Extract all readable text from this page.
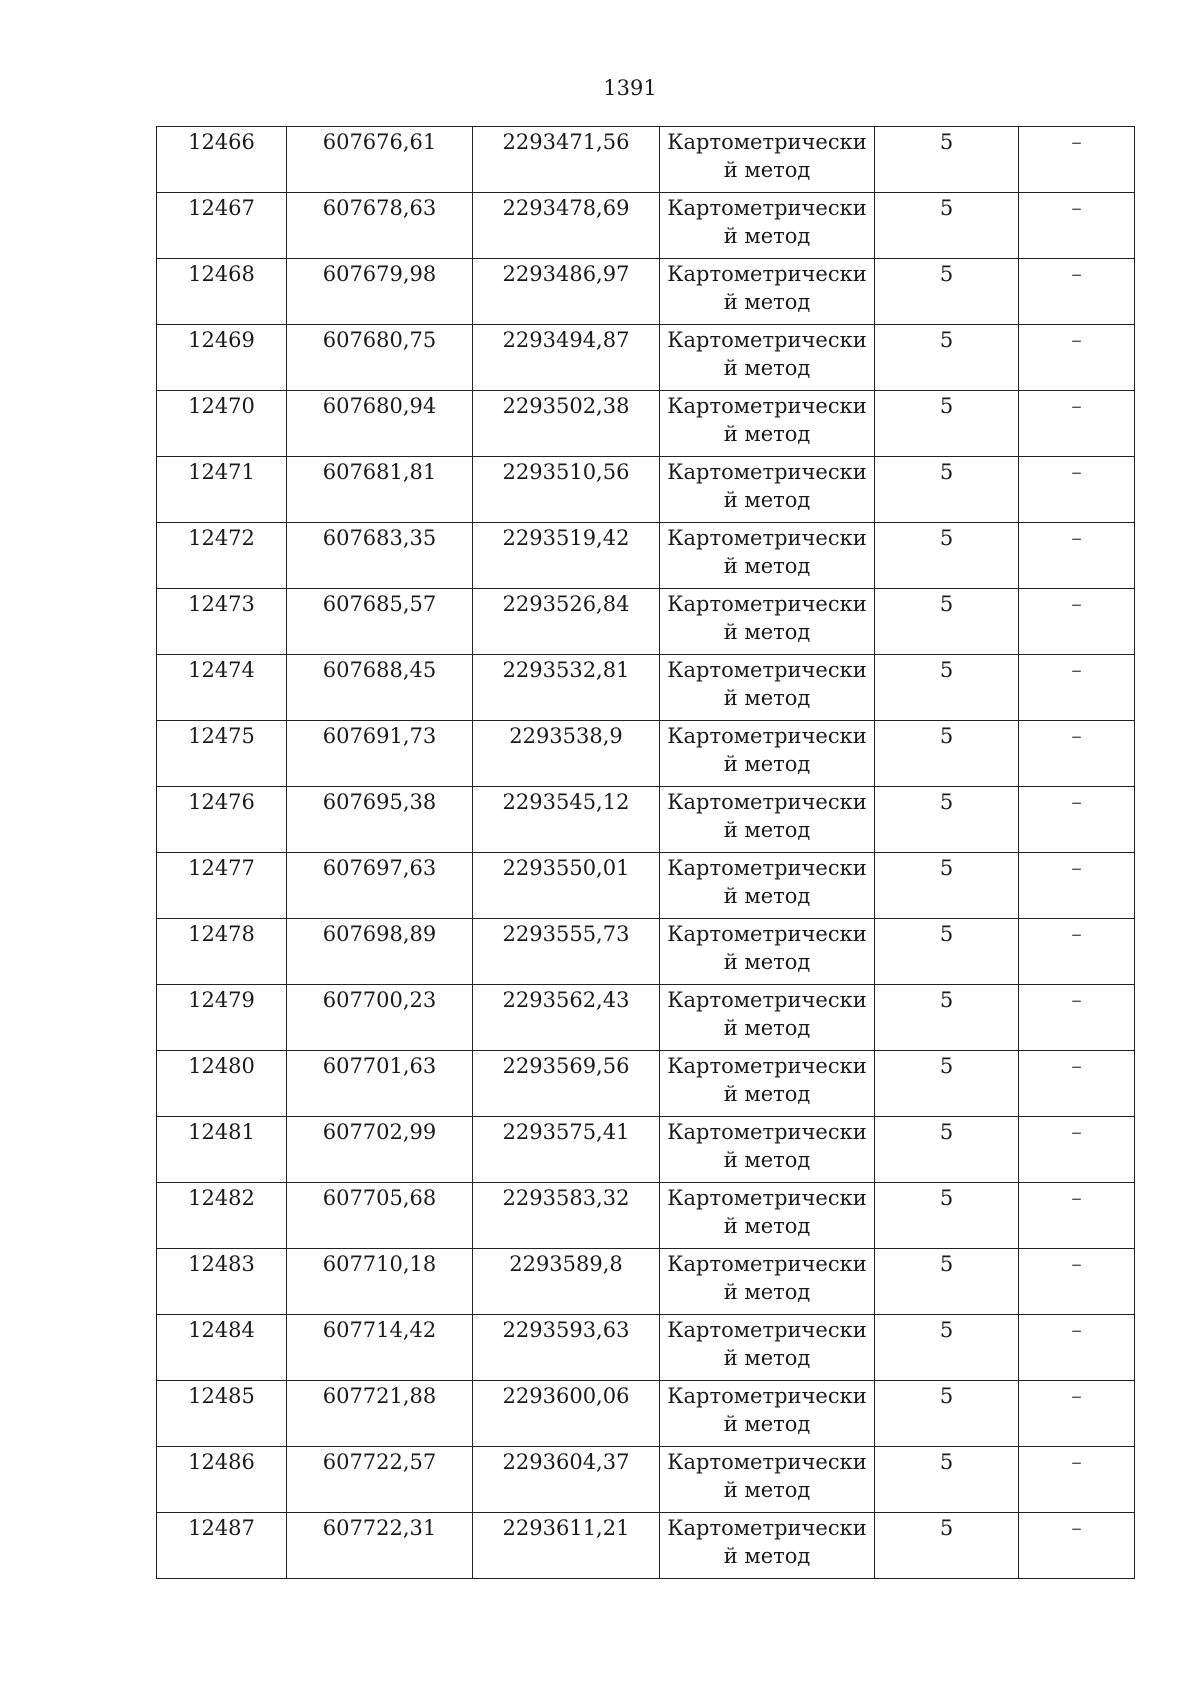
1391
12466	607676,61	2293471,56	Картометрически
й метод	5	–
12467	607678,63	2293478,69	Картометрически
й метод	5	–
12468	607679,98	2293486,97	Картометрически
й метод	5	–
12469	607680,75	2293494,87	Картометрически
й метод	5	–
12470	607680,94	2293502,38	Картометрически
й метод	5	–
12471	607681,81	2293510,56	Картометрически
й метод	5	–
12472	607683,35	2293519,42	Картометрически
й метод	5	–
12473	607685,57	2293526,84	Картометрически
й метод	5	–
12474	607688,45	2293532,81	Картометрически
й метод	5	–
12475	607691,73	2293538,9	Картометрически
й метод	5	–
12476	607695,38	2293545,12	Картометрически
й метод	5	–
12477	607697,63	2293550,01	Картометрически
й метод	5	–
12478	607698,89	2293555,73	Картометрически
й метод	5	–
12479	607700,23	2293562,43	Картометрически
й метод	5	–
12480	607701,63	2293569,56	Картометрически
й метод	5	–
12481	607702,99	2293575,41	Картометрически
й метод	5	–
12482	607705,68	2293583,32	Картометрически
й метод	5	–
12483	607710,18	2293589,8	Картометрически
й метод	5	–
12484	607714,42	2293593,63	Картометрически
й метод	5	–
12485	607721,88	2293600,06	Картометрически
й метод	5	–
12486	607722,57	2293604,37	Картометрически
й метод	5	–
12487	607722,31	2293611,21	Картометрически
й метод	5	–
